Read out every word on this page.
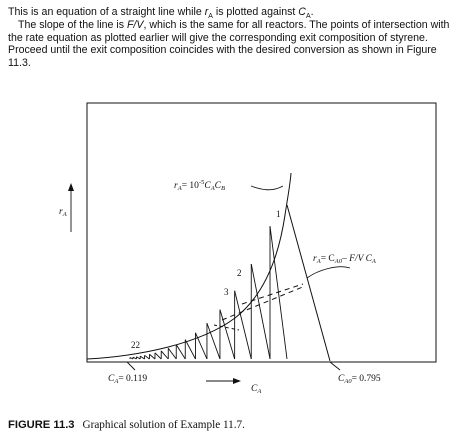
This is an equation of a straight line while $r_A$ is plotted against $C_A$.

The slope of the line is F/V, which is the same for all reactors. The points of intersection with the rate equation as plotted earlier will give the corresponding exit composition of styrene. Proceed until the exit composition coincides with the desired conversion as shown in Figure 11.3.

$r_A= 10^{-5}C_AC_B$
$r_A= C_{A0}-$ F/V $C_A$
$r_A$
$C_A$
1
2
3
22
$C_A= 0.119$	$C_{A0}= 0.795$
FIGURE 11.3 Graphical solution of Example 11.7.
